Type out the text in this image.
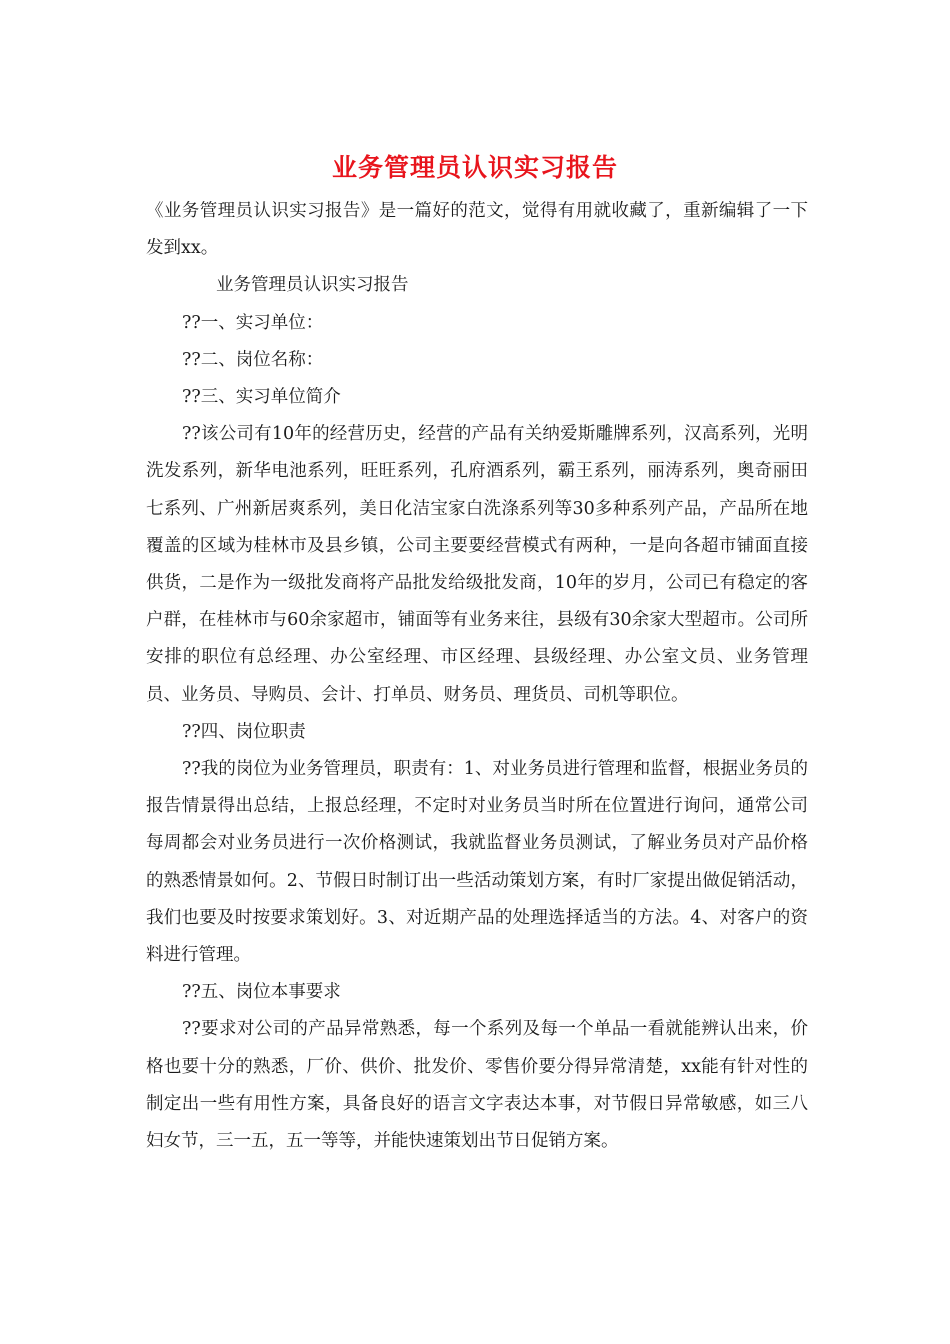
业务管理员认识实习报告

《业务管理员认识实习报告》是一篇好的范文，觉得有用就收藏了，重新编辑了一下发到xx。

业务管理员认识实习报告

??一、实习单位：

??二、岗位名称：

??三、实习单位简介

??该公司有10年的经营历史，经营的产品有关纳爱斯雕牌系列，汉高系列，光明洗发系列，新华电池系列，旺旺系列，孔府酒系列，霸王系列，丽涛系列，奥奇丽田七系列、广州新居爽系列，美日化洁宝家白洗涤系列等30多种系列产品，产品所在地覆盖的区域为桂林市及县乡镇，公司主要要经营模式有两种，一是向各超市铺面直接供货，二是作为一级批发商将产品批发给级批发商，10年的岁月，公司已有稳定的客户群，在桂林市与60余家超市，铺面等有业务来往，县级有30余家大型超市。公司所安排的职位有总经理、办公室经理、市区经理、县级经理、办公室文员、业务管理员、业务员、导购员、会计、打单员、财务员、理货员、司机等职位。

??四、岗位职责

??我的岗位为业务管理员，职责有：1、对业务员进行管理和监督，根据业务员的报告情景得出总结，上报总经理，不定时对业务员当时所在位置进行询问，通常公司每周都会对业务员进行一次价格测试，我就监督业务员测试，了解业务员对产品价格的熟悉情景如何。2、节假日时制订出一些活动策划方案，有时厂家提出做促销活动，我们也要及时按要求策划好。3、对近期产品的处理选择适当的方法。4、对客户的资料进行管理。

??五、岗位本事要求

??要求对公司的产品异常熟悉，每一个系列及每一个单品一看就能辨认出来，价格也要十分的熟悉，厂价、供价、批发价、零售价要分得异常清楚，xx能有针对性的制定出一些有用性方案，具备良好的语言文字表达本事，对节假日异常敏感，如三八妇女节，三一五，五一等等，并能快速策划出节日促销方案。
